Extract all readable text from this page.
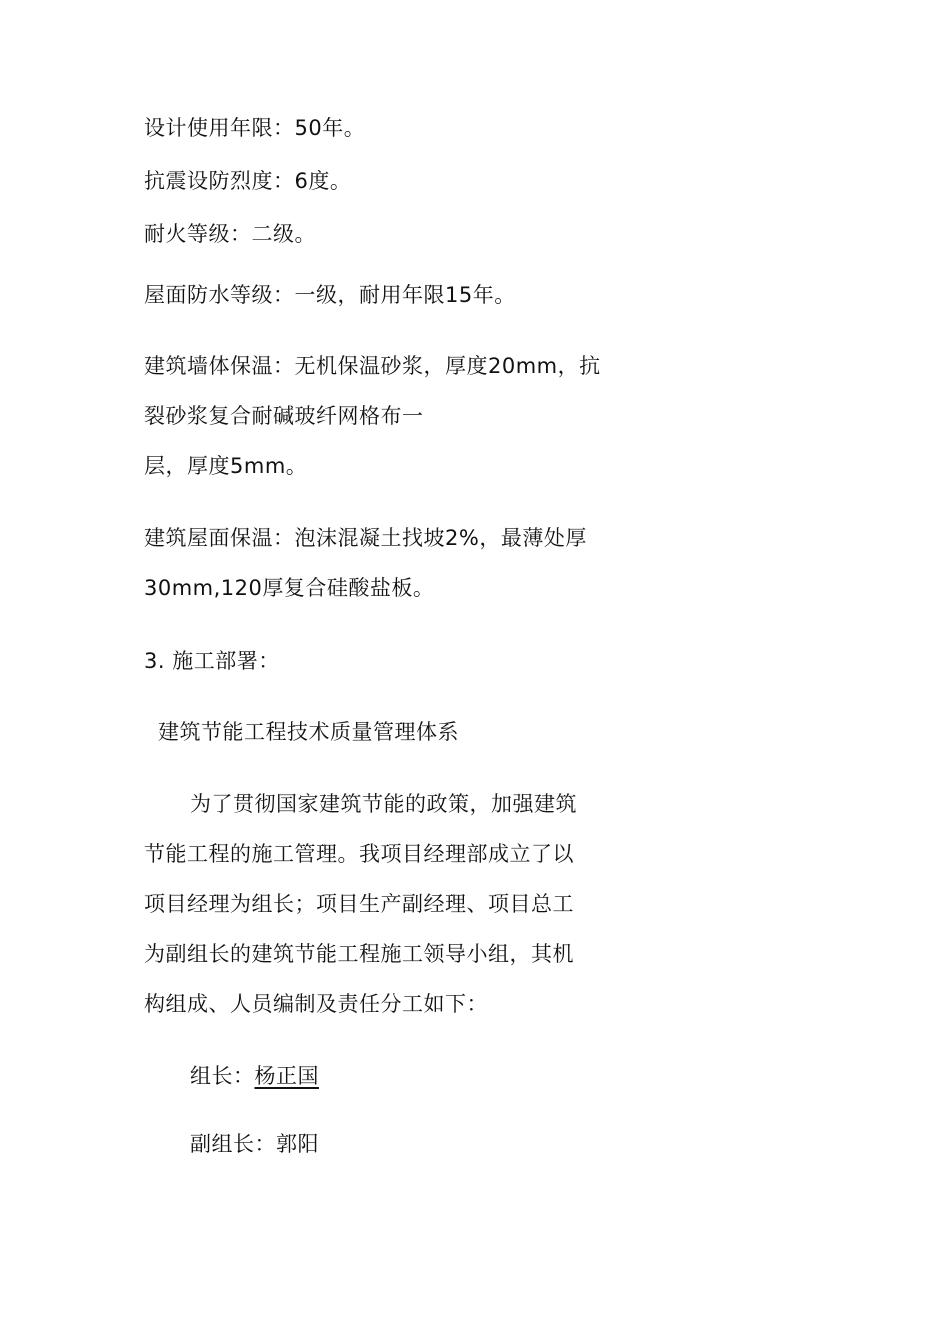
设计使用年限：50年。
抗震设防烈度：6度。
耐火等级：二级。
屋面防水等级：一级，耐用年限15年。
建筑墙体保温：无机保温砂浆，厚度20mm，抗
裂砂浆复合耐碱玻纤网格布一
层，厚度5mm。
建筑屋面保温：泡沫混凝土找坡2%，最薄处厚
30mm,120厚复合硅酸盐板。
3. 施工部署：
建筑节能工程技术质量管理体系
为了贯彻国家建筑节能的政策，加强建筑
节能工程的施工管理。我项目经理部成立了以
项目经理为组长；项目生产副经理、项目总工
为副组长的建筑节能工程施工领导小组，其机
构组成、人员编制及责任分工如下：
组长：杨正国
副组长：郭阳
